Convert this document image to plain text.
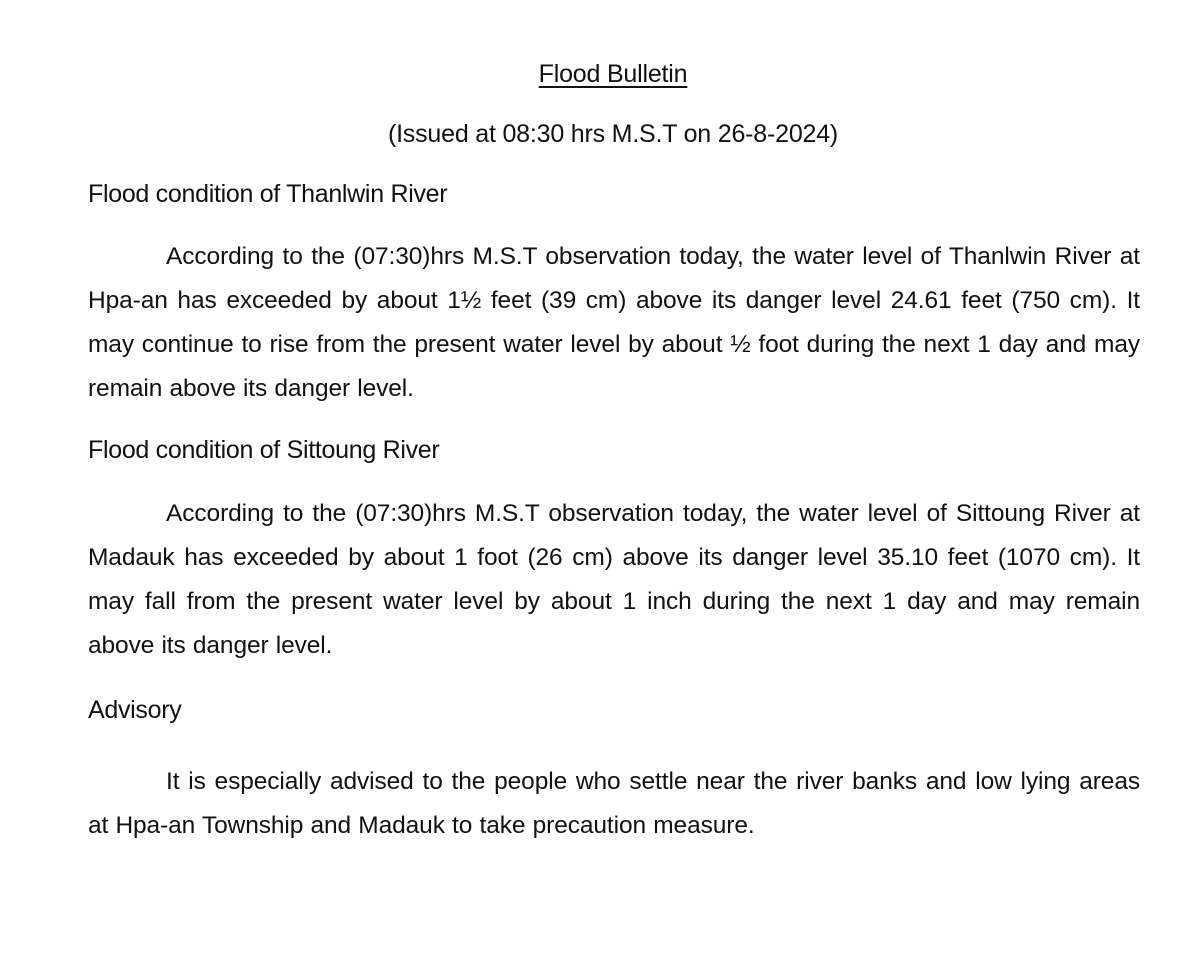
Flood Bulletin
(Issued at 08:30 hrs M.S.T on 26-8-2024)
Flood condition of Thanlwin River

According to the (07:30)hrs M.S.T observation today, the water level of Thanlwin River at Hpa-an has exceeded by about 1½ feet (39 cm) above its danger level 24.61 feet (750 cm). It may continue to rise from the present water level by about ½ foot during the next 1 day and may remain above its danger level.

Flood condition of Sittoung River

According to the (07:30)hrs M.S.T observation today, the water level of Sittoung River at Madauk has exceeded by about 1 foot (26 cm) above its danger level 35.10 feet (1070 cm). It may fall from the present water level by about 1 inch during the next 1 day and may remain above its danger level.

Advisory

It is especially advised to the people who settle near the river banks and low lying areas at Hpa-an Township and Madauk to take precaution measure.
